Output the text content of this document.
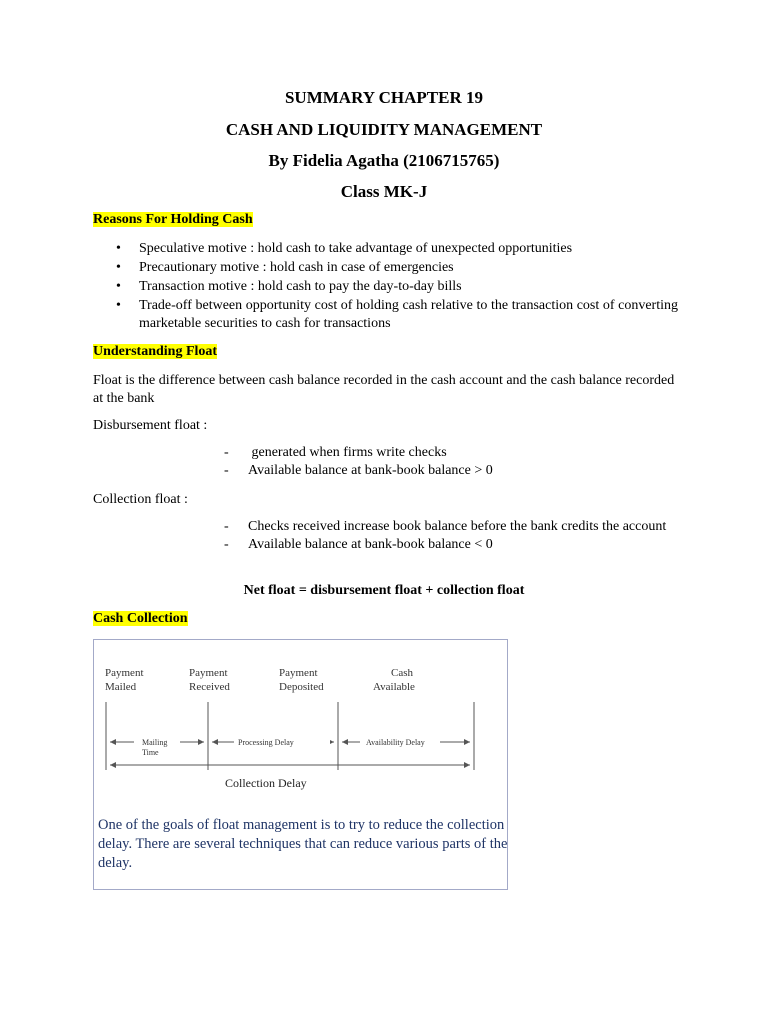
SUMMARY CHAPTER 19
CASH AND LIQUIDITY MANAGEMENT
By Fidelia Agatha (2106715765)
Class MK-J
Reasons For Holding Cash
• Speculative motive : hold cash to take advantage of unexpected opportunities
• Precautionary motive : hold cash in case of emergencies
• Transaction motive : hold cash to pay the day-to-day bills
• Trade-off between opportunity cost of holding cash relative to the transaction cost of converting marketable securities to cash for transactions
Understanding Float
Float is the difference between cash balance recorded in the cash account and the cash balance recorded at the bank
Disbursement float :
- generated when firms write checks
- Available balance at bank-book balance > 0
Collection float :
- Checks received increase book balance before the bank credits the account
- Available balance at bank-book balance < 0
Net float = disbursement float + collection float
Cash Collection
Payment
Mailed
Payment
Received
Payment
Deposited
Cash
Available
Mailing
Time
Processing Delay	Availability Delay
Collection Delay
One of the goals of float management is to try to reduce the collection delay. There are several techniques that can reduce various parts of the delay.
